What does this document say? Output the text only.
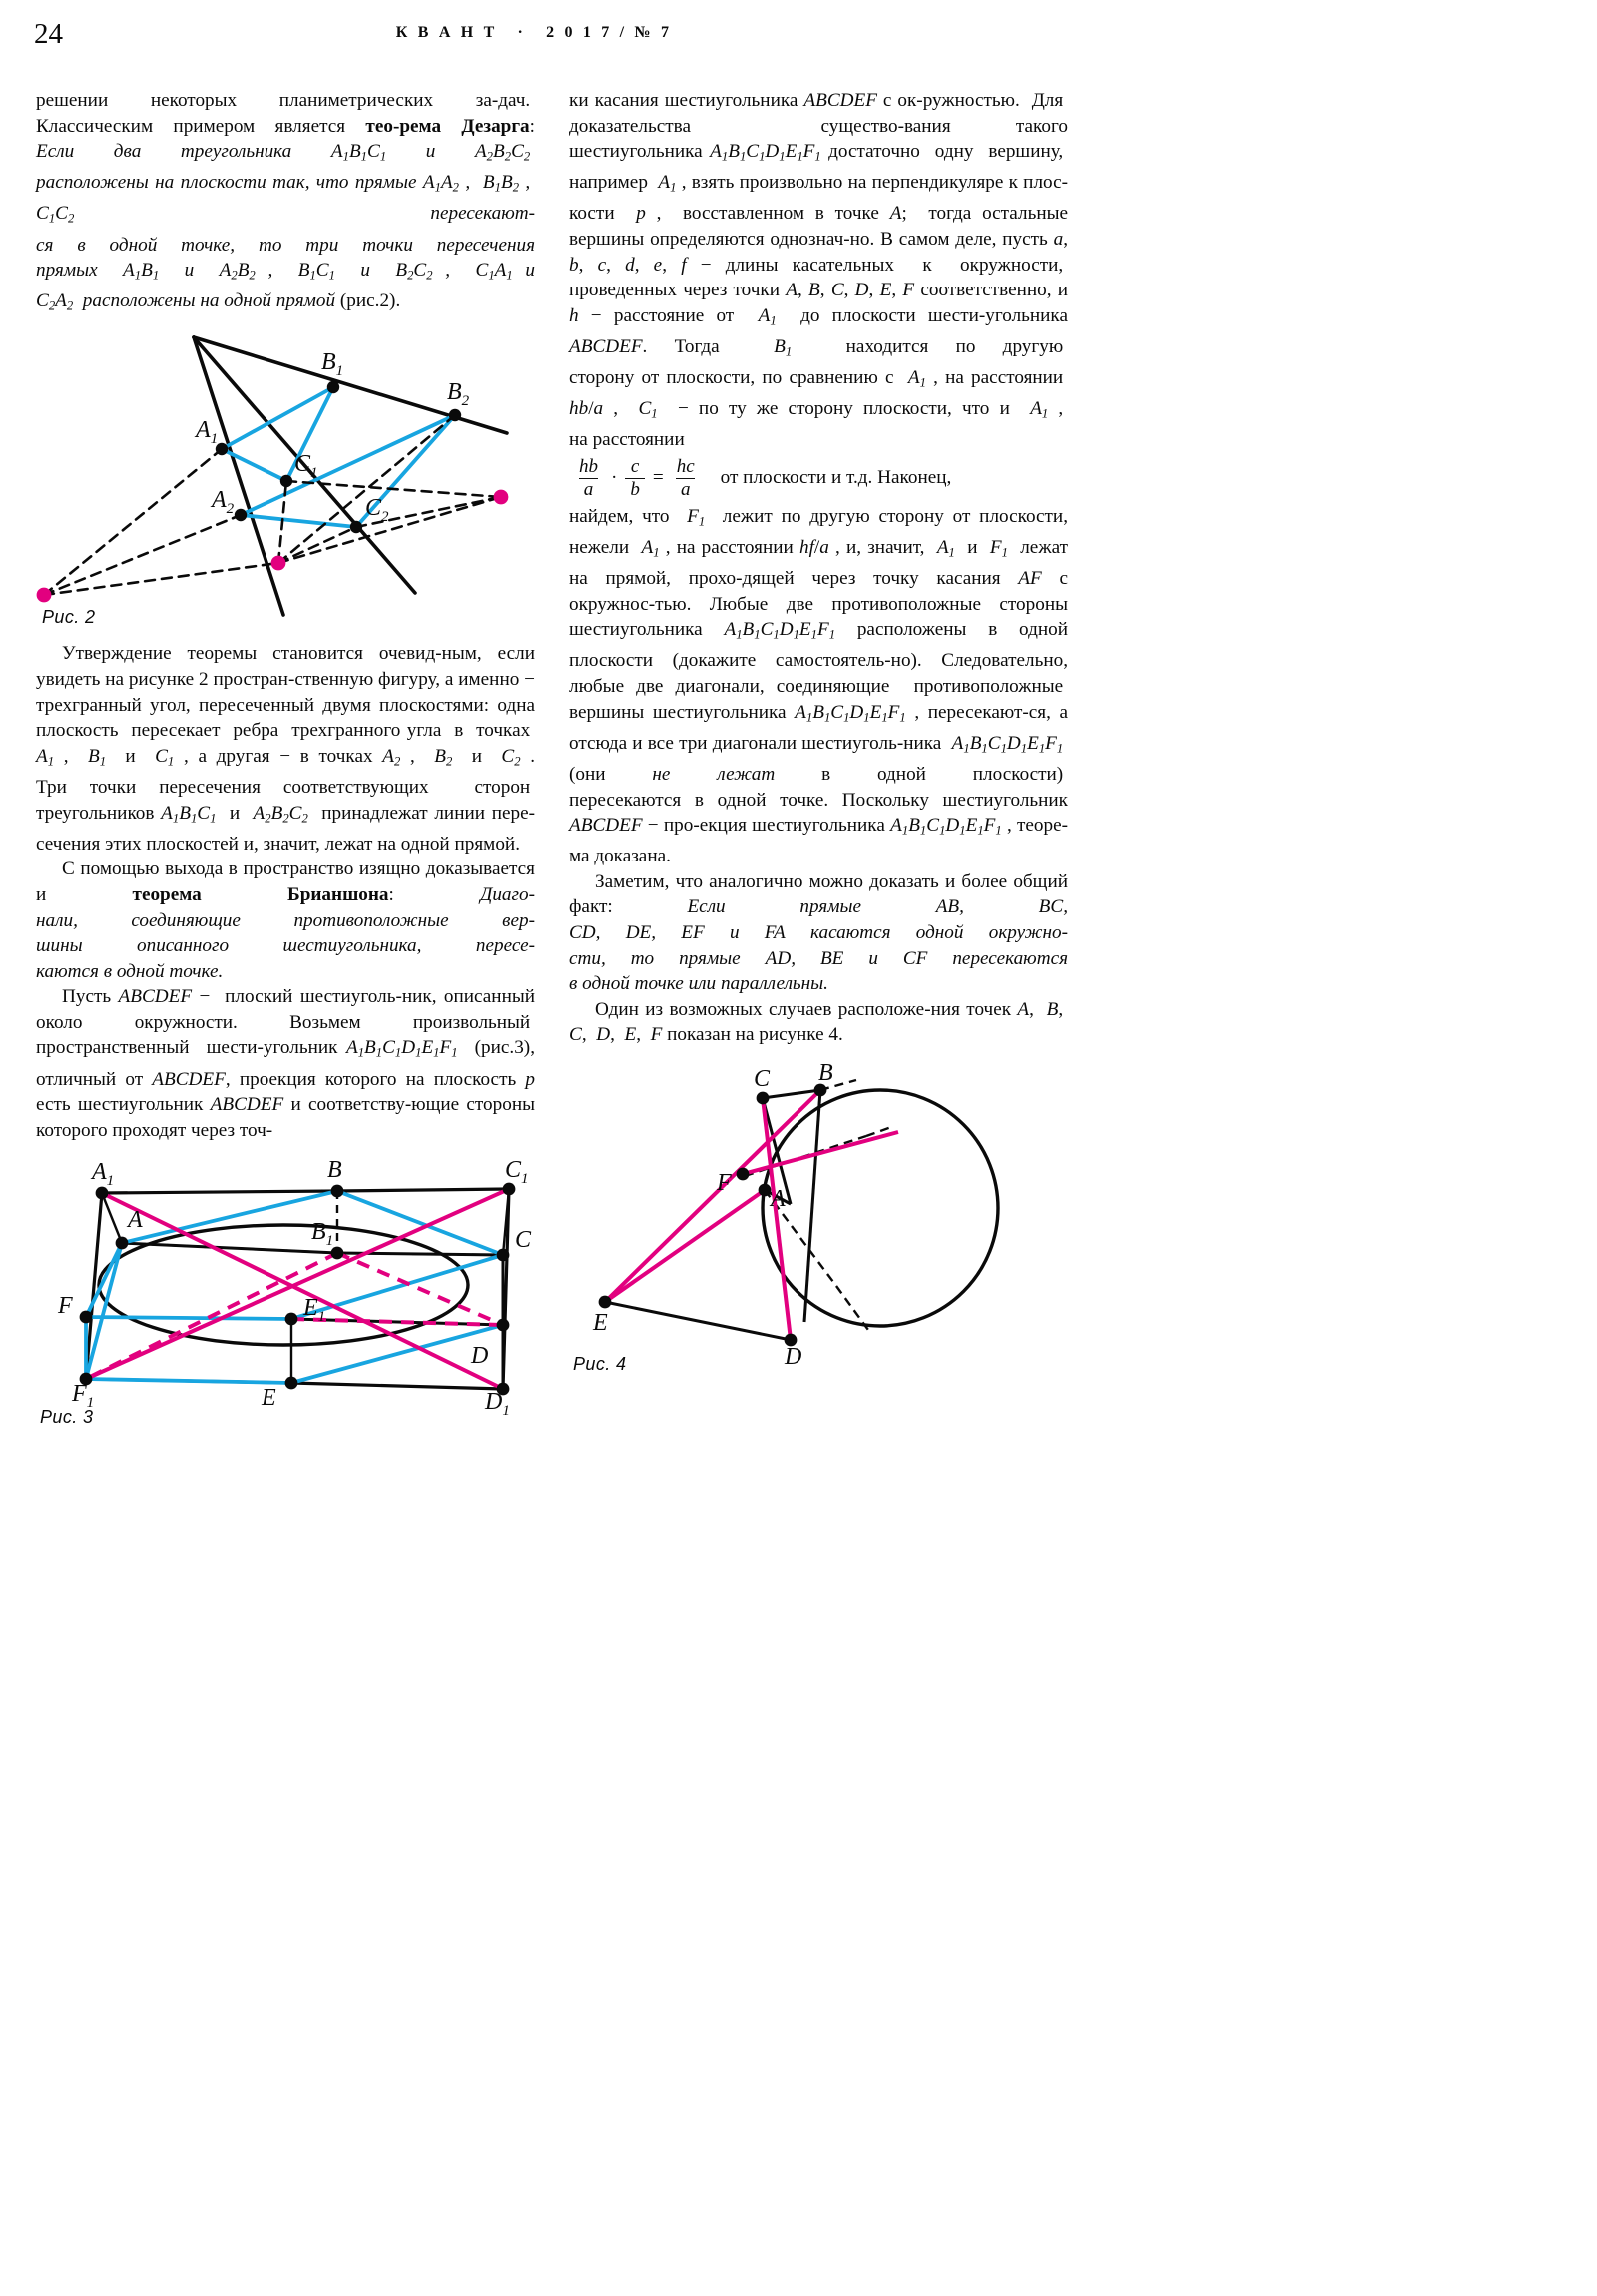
24	К В А Н Т · 2 0 1 7 / № 7

решении некоторых планиметрических за-​дач.  Классическим примером является тео-​рема Дезарга: Если два треугольника $A_1B_1C_1$ и $A_2B_2C_2$  расположены на плоскости так, что прямые $A_1A_2$ ,  $B_1B_2$ ,  $C_1C_2$ пересекают-​ся в одной точке, то три точки пересечения прямых  $A_1B_1$  и  $A_2B_2$ ,  $B_1C_1$  и  $B_2C_2$ ,  $C_1A_1$ и $C_2A_2$  расположены на одной прямой (рис.2).

$A_1$
$B_1$
$C_1$
$A_2$
$B_2$
$C_2$
Рис. 2

Утверждение теоремы становится очевид-​ным, если увидеть на рисунке 2 простран-​ственную фигуру, а именно − трехгранный угол, пересеченный двумя плоскостями: одна плоскость  пересекает  ребра  трехгранного угла  в  точках  $A_1$ ,  $B_1$  и  $C_1$ , а другая − в точках $A_2$ ,  $B_2$  и  $C_2$ . Три точки пересечения соответствующих  сторон  треугольников $A_1B_1C_1$  и  $A_2B_2C_2$  принадлежат линии пере-​сечения этих плоскостей и, значит, лежат на одной прямой.

С помощью выхода в пространство изящно доказывается и теорема Брианшона: Диаго-​нали, соединяющие противоположные вер-​шины описанного шестиугольника, пересе-​каются в одной точке.

Пусть ABCDEF −  плоский шестиуголь-​ник, описанный около окружности. Возьмем произвольный  пространственный  шести-​угольник $A_1B_1C_1D_1E_1F_1$  (рис.3), отличный от ABCDEF, проекция которого на плоскость p есть шестиугольник ABCDEF и соответству-​ющие стороны которого проходят через точ-

$A_1$
A
B
$B_1$
$C_1$
C
F	$E_1$
D
$F_1$	E	$D_1$
Рис. 3

ки касания шестиугольника ABCDEF с ок-​ружностью.  Для  доказательства  существо-​вания такого шестиугольника $A_1B_1C_1D_1E_1F_1$ достаточно  одну  вершину,  например  $A_1$ , взять произвольно на перпендикуляре к плос-​кости  p ,  восставленном в точке A;  тогда остальные вершины определяются однознач-​но. В самом деле, пусть a, b, c, d, e, f − длины касательных  к  окружности,  проведенных через точки A, B, C, D, E, F соответственно, и h − расстояние от  $A_1$  до плоскости шести-​угольника ABCDEF. Тогда  $B_1$  находится по другую  сторону от плоскости, по сравнению с  $A_1$ , на расстоянии  hb/a ,  $C_1$  − по ту же сторону плоскости, что и  $A_1$ ,  на расстоянии

$\frac{hb}{a} \cdot \frac{c}{b} = \frac{hc}{a}$ от плоскости и т.д. Наконец,

найдем, что  $F_1$  лежит по другую сторону от плоскости, нежели  $A_1$ , на расстоянии hf/a , и, значит,  $A_1$  и  $F_1$  лежат на прямой, прохо-​дящей через точку касания AF с окружнос-​тью. Любые две противоположные стороны шестиугольника $A_1B_1C_1D_1E_1F_1$ расположены в одной плоскости (докажите самостоятель-​но). Следовательно, любые две диагонали, соединяющие  противоположные  вершины шестиугольника $A_1B_1C_1D_1E_1F_1$ , пересекают-​ся, а отсюда и все три диагонали шестиуголь-​ника  $A_1B_1C_1D_1E_1F_1$  (они не лежат в одной плоскости)  пересекаются в одной точке. Поскольку шестиугольник ABCDEF − про-​екция шестиугольника $A_1B_1C_1D_1E_1F_1$ , теоре-​ма доказана.

Заметим, что аналогично можно доказать и более общий факт: Если прямые AB, BC, CD, DE, EF и FA касаются одной окружно-​сти, то прямые AD, BE и CF пересекаются в одной точке или параллельны.

Один из возможных случаев расположе-​ния точек A,  B,  C,  D,  E,  F показан на рисунке 4.

C B
F
A
E
D
Рис. 4
